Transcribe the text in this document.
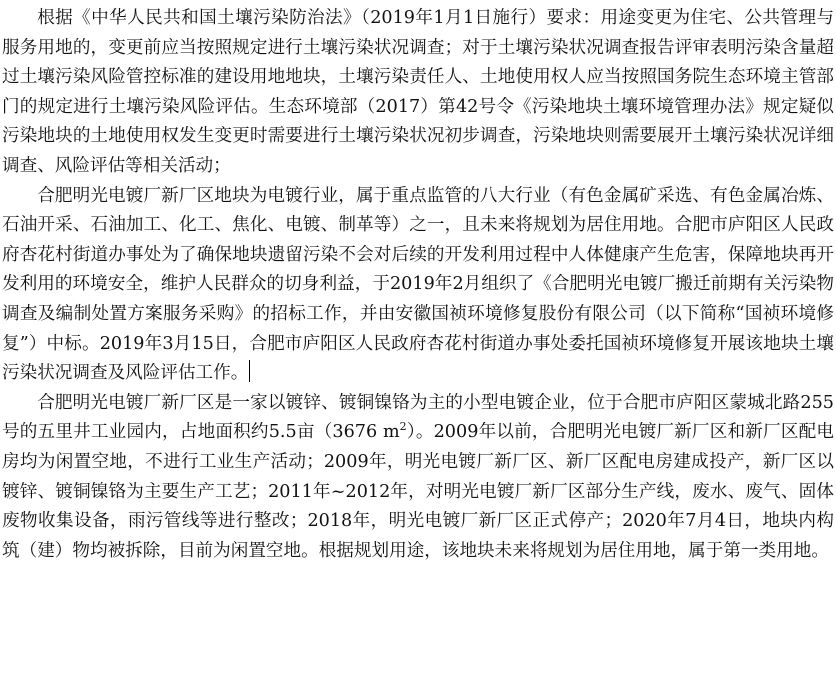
根据《中华人民共和国土壤污染防治法》（2019年1月1日施行）要求：用途变更为住宅、公共管理与服务用地的，变更前应当按照规定进行土壤污染状况调查；对于土壤污染状况调查报告评审表明污染含量超过土壤污染风险管控标准的建设用地地块，土壤污染责任人、土地使用权人应当按照国务院生态环境主管部门的规定进行土壤污染风险评估。生态环境部（2017）第42号令《污染地块土壤环境管理办法》规定疑似污染地块的土地使用权发生变更时需要进行土壤污染状况初步调查，污染地块则需要展开土壤污染状况详细调查、风险评估等相关活动；

合肥明光电镀厂新厂区地块为电镀行业，属于重点监管的八大行业（有色金属矿采选、有色金属冶炼、石油开采、石油加工、化工、焦化、电镀、制革等）之一，且未来将规划为居住用地。合肥市庐阳区人民政府杏花村街道办事处为了确保地块遗留污染不会对后续的开发利用过程中人体健康产生危害，保障地块再开发利用的环境安全，维护人民群众的切身利益，于2019年2月组织了《合肥明光电镀厂搬迁前期有关污染物调查及编制处置方案服务采购》的招标工作，并由安徽国祯环境修复股份有限公司（以下简称“国祯环境修复”）中标。2019年3月15日，合肥市庐阳区人民政府杏花村街道办事处委托国祯环境修复开展该地块土壤污染状况调查及风险评估工作。

合肥明光电镀厂新厂区是一家以镀锌、镀铜镍铬为主的小型电镀企业，位于合肥市庐阳区蒙城北路255号的五里井工业园内，占地面积约5.5亩（3676 $m^2$）。2009年以前，合肥明光电镀厂新厂区和新厂区配电房均为闲置空地，不进行工业生产活动；2009年，明光电镀厂新厂区、新厂区配电房建成投产，新厂区以镀锌、镀铜镍铬为主要生产工艺；2011年~2012年，对明光电镀厂新厂区部分生产线，废水、废气、固体废物收集设备，雨污管线等进行整改；2018年，明光电镀厂新厂区正式停产；2020年7月4日，地块内构筑（建）物均被拆除，目前为闲置空地。根据规划用途，该地块未来将规划为居住用地，属于第一类用地。
